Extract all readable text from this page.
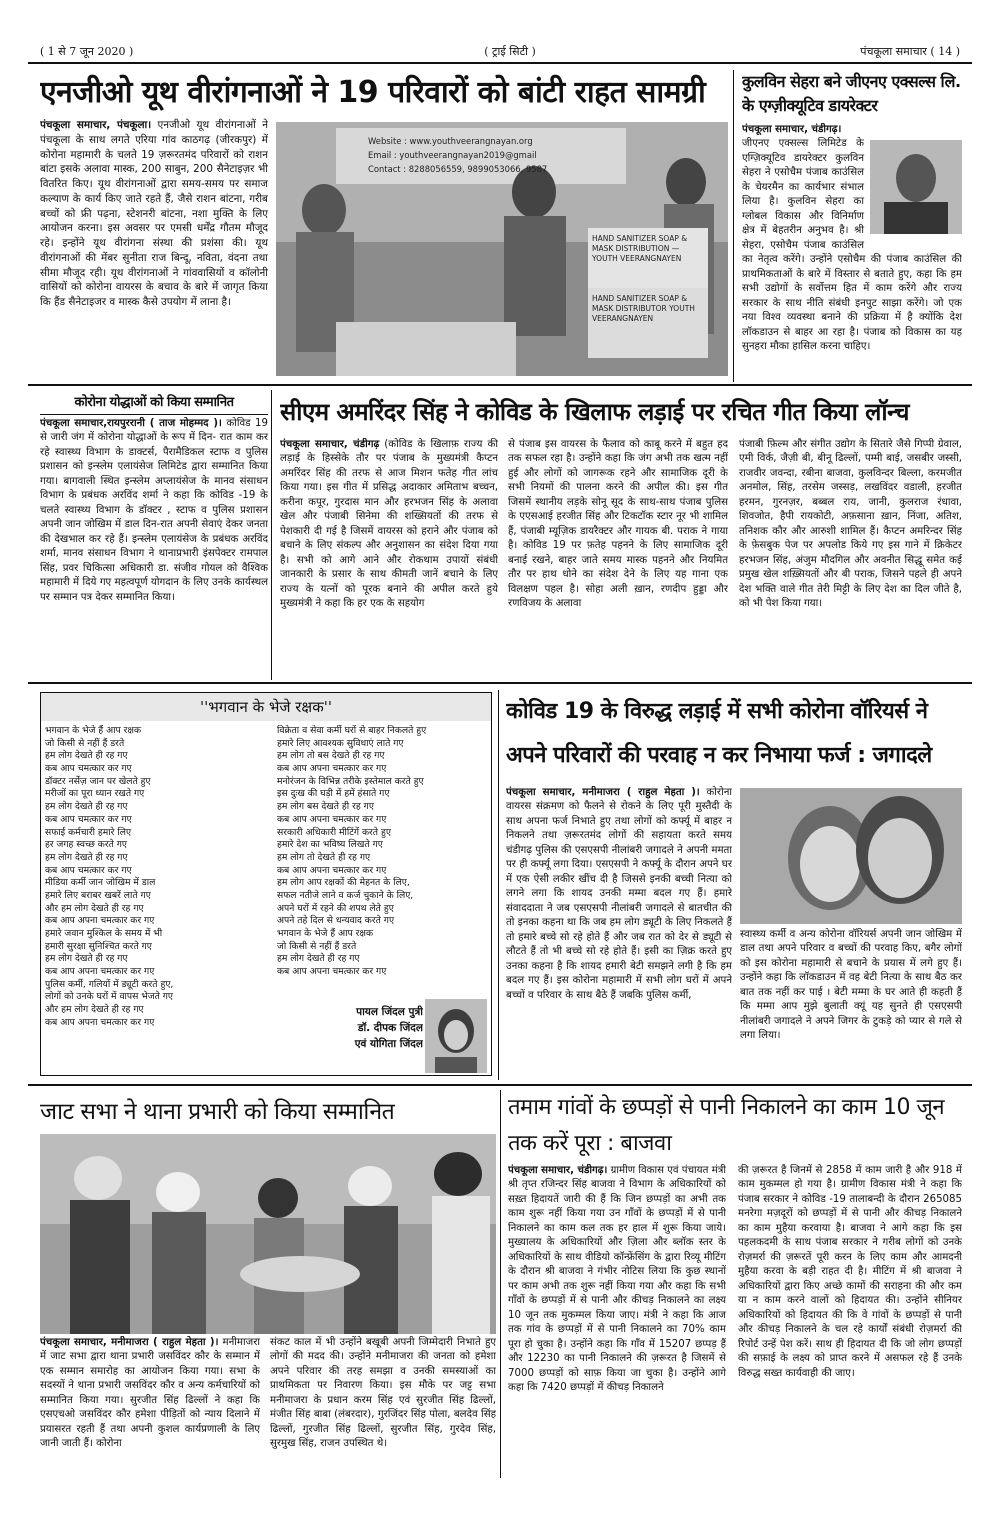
( 1 से 7 जून 2020 )	( ट्राई सिटी )	पंचकूला समाचार ( 14 )
एनजीओ यूथ वीरांगनाओं ने 19 परिवारों को बांटी राहत सामग्री
पंचकूला समाचार, पंचकूला। एनजीओ यूथ वीरांगनाओं ने पंचकूला के साथ लगते एरिया गांव काठगढ़ (जीरकपुर) में कोरोना महामारी के चलते 19 ज़रूरतमंद परिवारों को राशन बांटा इसके अलावा मास्क, 200 साबुन, 200 सैनेटाइज़र भी वितरित किए। यूथ वीरांगनाओं द्वारा समय-समय पर समाज कल्याण के कार्य किए जाते रहते हैं, जैसे राशन बांटना, गरीब बच्चों को फ्री पढ़ना, स्टेशनरी बांटना, नशा मुक्ति के लिए आयोजन करना। इस अवसर पर एमसी धर्मेंद्र गौतम मौजूद रहे। इन्होंने यूथ वीरांगना संस्था की प्रशंसा की। यूथ वीरांगनाओं की मेंबर सुनीता राज बिन्दू, नविता, वंदना तथा सीमा मौजूद रही। यूथ वीरांगनाओं ने गांववासियों व कॉलोनी वासियों को कोरोना वायरस के बचाव के बारे में जागृत किया कि हैंड सैनेटाइजर व मास्क कैसे उपयोग में लाना है।
Website : www.youthveerangnayan.org
Email : youthveerangnayan2019@gmail
Contact : 8288056559, 9899053066, 9587
HAND SANITIZER SOAP & MASK DISTRIBUTION — YOUTH VEERANGNAYEN
HAND SANITIZER SOAP & MASK DISTRIBUTOR YOUTH VEERANGNAYEN
कुलविन सेहरा बने जीएनए एक्सल्स लि. के एग्ज़ीक्यूटिव डायरेक्टर
पंचकूला समाचार, चंडीगढ़।
जीएनए एक्सल्स लिमिटेड के एग्ज़िक्यूटिव डायरेक्टर कुलविन सेहरा ने एसोचैम पंजाब काउंसिल के चेयरमैन का कार्यभार संभाल लिया है। कुलविन सेहरा का ग्लोबल विकास और विनिर्माण क्षेत्र में बेहतरीन अनुभव है। श्री सेहरा, एसोचैम पंजाब काउंसिल का नेतृत्व करेंगे। उन्होंने एसोचैम की पंजाब काउंसिल की प्राथमिकताओं के बारे में विस्तार से बताते हुए, कहा कि हम सभी उद्योगों के सर्वोत्तम हित में काम करेंगे और राज्य सरकार के साथ नीति संबंधी इनपुट साझा करेंगे। जो एक नया विश्व व्यवस्था बनाने की प्रक्रिया में है क्योंकि देश लॉकडाउन से बाहर आ रहा है। पंजाब को विकास का यह सुनहरा मौका हासिल करना चाहिए।
कोरोना योद्धाओं को किया सम्मानित
पंचकूला समाचार,रायपुररानी ( ताज मोहम्मद )। कोविड 19 से जारी जंग में कोरोना योद्धाओं के रूप में दिन- रात काम कर रहे स्वास्थ्य विभाग के डाक्टर्स, पैरामैडिकल स्टाफ व पुलिस प्रशासन को इन्स्लेम एलायंसेज लिमिटेड द्वारा सम्मानित किया गया। बागवाली स्थित इन्स्लेम अप्लायंसेज के मानव संसाधन विभाग के प्रबंधक अरविंद शर्मा ने कहा कि कोविड -19 के चलते स्वास्थ्य विभाग के डॉक्टर , स्टाफ व पुलिस प्रशासन अपनी जान जोखिम में डाल दिन-रात अपनी सेवाएं देकर जनता की देखभाल कर रहे हैं। इन्स्लेम एलायंसेज के प्रबंधक अरविंद शर्मा, मानव संसाधन विभाग ने थानाप्रभारी इंसपेक्टर रामपाल सिंह, प्रवर चिकित्सा अधिकारी डा. संजीव गोयल को वैश्विक महामारी में दिये गए महत्वपूर्ण योगदान के लिए उनके कार्यस्थल पर सम्मान पत्र देकर सम्मानित किया।
सीएम अमरिंदर सिंह ने कोविड के खिलाफ लड़ाई पर रचित गीत किया लॉन्च
पंचकूला समाचार, चंडीगढ़ (कोविड के खिलाफ़ राज्य की लड़ाई के हिस्सेके तौर पर पंजाब के मुख्यमंत्री कैप्टन अमरिंदर सिंह की तरफ से आज मिशन फतेह गीत लांच किया गया। इस गीत में प्रसिद्ध अदाकार अमिताभ बच्चन, करीना कपूर, गुरदास मान और हरभजन सिंह के अलावा खेल और पंजाबी सिनेमा की शख्सियतों की तरफ से पेशकारी दी गई है जिसमें वायरस को हराने और पंजाब को बचाने के लिए संकल्प और अनुशासन का संदेश दिया गया है। सभी को आगे आने और रोकथाम उपायों संबंधी जानकारी के प्रसार के साथ कीमती जानें बचाने के लिए राज्य के यत्नों को पूरक बनाने की अपील करते हुये मुख्यमंत्री ने कहा कि हर एक के सहयोग
से पंजाब इस वायरस के फैलाव को काबू करने में बहुत हद तक सफल रहा है। उन्होंने कहा कि जंग अभी तक खत्म नहीं हुई और लोगों को जागरूक रहने और सामाजिक दूरी के सभी नियमों की पालना करने की अपील की। इस गीत जिसमें स्थानीय लड़के सोनू सूद के साथ-साथ पंजाब पुलिस के एएसआई हरजीत सिंह और टिकटॉक स्टार नूर भी शामिल हैं, पंजाबी म्यूज़िक डायरैक्टर और गायक बी. पराक ने गाया है। कोविड 19 पर फ़तेह पहनने के लिए सामाजिक दूरी बनाई रखने, बाहर जाते समय मास्क पहनने और नियमित तौर पर हाथ धोने का संदेश देने के लिए यह गाना एक विलक्षण पहल है। सोहा अली ख़ान, रणदीप हुड्डा और रणविजय के अलावा
पंजाबी फ़िल्म और संगीत उद्योग के सितारे जैसे गिप्पी ग्रेवाल, एमी विर्क, जैज़ी बी, बीनू ढिल्लों, पम्मी बाई, जसबीर जस्सी, राजवीर जवन्दा, रबीना बाजवा, कुलविन्दर बिल्ला, करमजीत अनमोल, सिंह, तरसेम जस्सड़, लखविंदर वडाली, हरजीत हरमन, गुरनज़र, बब्बल राय, जानी, कुलराज रंधावा, शिवजोत, हैपी रायकोटी, अफ़साना ख़ान, निंजा, अतिश, तनिशक कौर और आरुशी शामिल हैं। कैप्टन अमरिन्दर सिंह के फ़ेसबुक पेज पर अपलोड किये गए इस गाने में क्रिकेटर हरभजन सिंह, अंजुम मौदगिल और अवनीत सिद्धू समेत कई प्रमुख खेल शख़्सियतों और बी पराक, जिसने पहले ही अपने देश भक्ति वाले गीत तेरी मिट्टी के लिए देश का दिल जीते है, को भी पेश किया गया।
''भगवान के भेजे रक्षक''
भगवान के भेजे हैं आप रक्षक
जो किसी से नहीं हैं डरते
हम लोग देखते ही रह गए
कब आप चमत्कार कर गए
डॉक्टर नर्सेज़ जान पर खेलते हुए
मरीजों का पूरा ध्यान रखते गए
हम लोग देखते ही रह गए
कब आप चमत्कार कर गए
सफाई कर्मचारी हमारे लिए
हर जगह स्वच्छ करते गए
हम लोग देखते ही रह गए
कब आप चमत्कार कर गए
मीडिया कर्मी जान जोखिम में डाल
हमारे लिए बराबर खबरें लाते गए
और हम लोग देखते ही रह गए
कब आप अपना चमत्कार कर गए
हमारे जवान मुश्किल के समय में भी
हमारी सुरक्षा सुनिश्चित करते गए
हम लोग देखते ही रह गए
कब आप अपना चमत्कार कर गए
पुलिस कर्मी, गलियों में ड्यूटी करते हुए,
लोगों को उनके घरों में वापस भेजते गए
और हम लोग देखते ही रह गए
कब आप अपना चमत्कार कर गए
विक्रेता व सेवा कर्मी घरों से बाहर निकलते हुए
हमारे लिए आवश्यक सुविधाएं लाते गए
हम लोग तो बस देखते ही रह गए
कब आप अपना चमत्कार कर गए
मनोरंजन के विभिन्न तरीके इस्तेमाल करते हुए
इस दुःख की घड़ी में हमें हंसाते गए
हम लोग बस देखते ही रह गए
कब आप अपना चमत्कार कर गए
सरकारी अधिकारी मीटिंगें करते हुए
हमारे देश का भविष्य लिखते गए
हम लोग तो देखते ही रह गए
कब आप अपना चमत्कार कर गए
हम लोग आप रक्षकों की मेहनत के लिए,
सफल नतीजे लाने व कर्ज चुकाने के लिए,
अपने घरों में रहने की शपथ लेते हुए
अपने तहे दिल से धन्यवाद करते गए
भगवान के भेजे हैं आप रक्षक
जो किसी से नहीं हैं डरते
हम लोग देखते ही रह गए
कब आप अपना चमत्कार कर गए
पायल जिंदल पुत्री
डॉ. दीपक जिंदल
एवं योगिता जिंदल
कोविड 19 के विरुद्ध लड़ाई में सभी कोरोना वॉरियर्स ने अपने परिवारों की परवाह न कर निभाया फर्ज : जगादले
पंचकूला समाचार, मनीमाजरा ( राहुल मेहता )। कोरोना वायरस संक्रमण को फैलने से रोकने के लिए पूरी मुस्तैदी के साथ अपना फर्ज निभाते हुए तथा लोगों को कर्फ्यू में बाहर न निकलने तथा ज़रूरतमंद लोगों की सहायता करते समय चंडीगढ़ पुलिस की एसएसपी नीलांबरी जगादले ने अपनी ममता पर ही कर्फ्यू लगा दिया। एसएसपी ने कर्फ्यू के दौरान अपने घर में एक ऐसी लकीर खींच दी है जिससे इनकी बच्ची नित्या को लगने लगा कि शायद उनकी मम्मा बदल गए हैं। हमारे संवाददाता ने जब एसएसपी नीलांबरी जगादले से बातचीत की तो इनका कहना था कि जब हम लोग ड्यूटी के लिए निकलते हैं तो हमारे बच्चे सो रहे होते हैं और जब रात को देर से ड्यूटी से लौटते हैं तो भी बच्चे सो रहे होते हैं। इसी का ज़िक्र करते हुए उनका कहना है कि शायद हमारी बेटी समझने लगी है कि हम बदल गए हैं। इस कोरोना महामारी में सभी लोग घरों में अपने बच्चों व परिवार के साथ बैठे हैं जबकि पुलिस कर्मी,
स्वास्थ्य कर्मी व अन्य कोरोना वॉरियर्स अपनी जान जोखिम में डाल तथा अपने परिवार व बच्चों की परवाह किए, बगैर लोगों को इस कोरोना महामारी से बचाने के प्रयास में लगे हुए हैं। उन्होंने कहा कि लॉकडाउन में वह बेटी नित्या के साथ बैठ कर बात तक नहीं कर पाई । बेटी मम्मा के घर आते ही कहती हैं कि मम्मा आप मुझे बुलाती क्यूं यह सुनते ही एसएसपी नीलांबरी जगादले ने अपने जिगर के टुकड़े को प्यार से गले से लगा लिया।
जाट सभा ने थाना प्रभारी को किया सम्मानित
पंचकूला समाचार, मनीमाजरा ( राहुल मेहता )। मनीमाजरा में जाट सभा द्वारा थाना प्रभारी जसविंदर कौर के सम्मान में एक सम्मान समारोह का आयोजन किया गया। सभा के सदस्यों ने थाना प्रभारी जसविंदर कौर व अन्य कर्मचारियों को सम्मानित किया गया। सुरजीत सिंह ढिल्लों ने कहा कि एसएचओ जसविंदर कौर हमेशा पीड़ितों को न्याय दिलाने में प्रयासरत रहती हैं तथा अपनी कुशल कार्यप्रणाली के लिए जानी जाती हैं। कोरोना
संकट काल में भी उन्होंने बखूबी अपनी जिम्मेदारी निभाते हुए लोगों की मदद की। उन्होंने मनीमाजरा की जनता को हमेशा अपने परिवार की तरह समझा व उनकी समस्याओं का प्राथमिकता पर निवारण किया। इस मौके पर जट्ट सभा मनीमाजरा के प्रधान करम सिंह एवं सुरजीत सिंह ढिल्लों, मंजीत सिंह बाबा (लंबरदार), गुरजिंदर सिंह पोला, बलदेव सिंह ढिल्लों, गुरजीत सिंह ढिल्लों, सुरजीत सिंह, गुरदेव सिंह, सुरमुख सिंह, राजन उपस्थित थे।
तमाम गांवों के छप्पड़ों से पानी निकालने का काम 10 जून तक करें पूरा : बाजवा
पंचकूला समाचार, चंडीगढ़। ग्रामीण विकास एवं पंचायत मंत्री श्री तृप्त रजिन्दर सिंह बाजवा ने विभाग के अधिकारियों को सख़्त हिदायतें जारी की हैं कि जिन छप्पड़ों का अभी तक काम शुरू नहीं किया गया उन गाँवों के छप्पड़ों में से पानी निकालने का काम कल तक हर हाल में शुरू किया जाये। मुख्यालय के अधिकारियों और ज़िला और ब्लॉक स्तर के अधिकारियों के साथ वीडियो कॉन्फ्रेंसिंग के द्वारा रिव्यू मीटिंग के दौरान श्री बाजवा ने गंभीर नोटिस लिया कि कुछ स्थानों पर काम अभी तक शुरू नहीं किया गया और कहा कि सभी गाँवों के छप्पड़ों में से पानी और कीचड़ निकालने का लक्ष्य 10 जून तक मुकम्मल किया जाए। मंत्री ने कहा कि आज तक गांव के छप्पड़ों में से पानी निकालने का 70% काम पूरा हो चुका है। उन्होंने कहा कि गाँव में 15207 छप्पड़ हैं और 12230 का पानी निकालने की ज़रूरत है जिसमें से 7000 छप्पड़ों को साफ़ किया जा चुका है। उन्होंने आगे कहा कि 7420 छप्पड़ों में कीचड़ निकालने
की ज़रूरत है जिनमें से 2858 में काम जारी है और 918 में काम मुकम्मल हो गया है। ग्रामीण विकास मंत्री ने कहा कि पंजाब सरकार ने कोविड -19 तालाबन्दी के दौरान 265085 मनरेगा मज़दूरों को छप्पड़ों में से पानी और कीचड़ निकालने का काम मुहैया करवाया है। बाजवा ने आगे कहा कि इस पहलकदमी के साथ पंजाब सरकार ने गरीब लोगों को उनके रोज़मर्रा की ज़रूरतें पूरी करन के लिए काम और आमदनी मुहैया करवा के बड़ी राहत दी है। मीटिंग में श्री बाजवा ने अधिकारियों द्वारा किए अच्छे कामों की सराहना की और कम या न काम करने वालों को हिदायत की। उन्होंने सीनियर अधिकारियों को हिदायत की कि वे गांवों के छप्पड़ों से पानी और कीचड़ निकालने के चल रहे कार्यों संबंधी रोज़मर्रा की रिपोर्ट उन्हें पेश करें। साथ ही हिदायत दी कि जो लोग छप्पड़ों की सफ़ाई के लक्ष्य को प्राप्त करने में असफल रहे हैं उनके विरुद्ध सख्त कार्यवाही की जाए।
